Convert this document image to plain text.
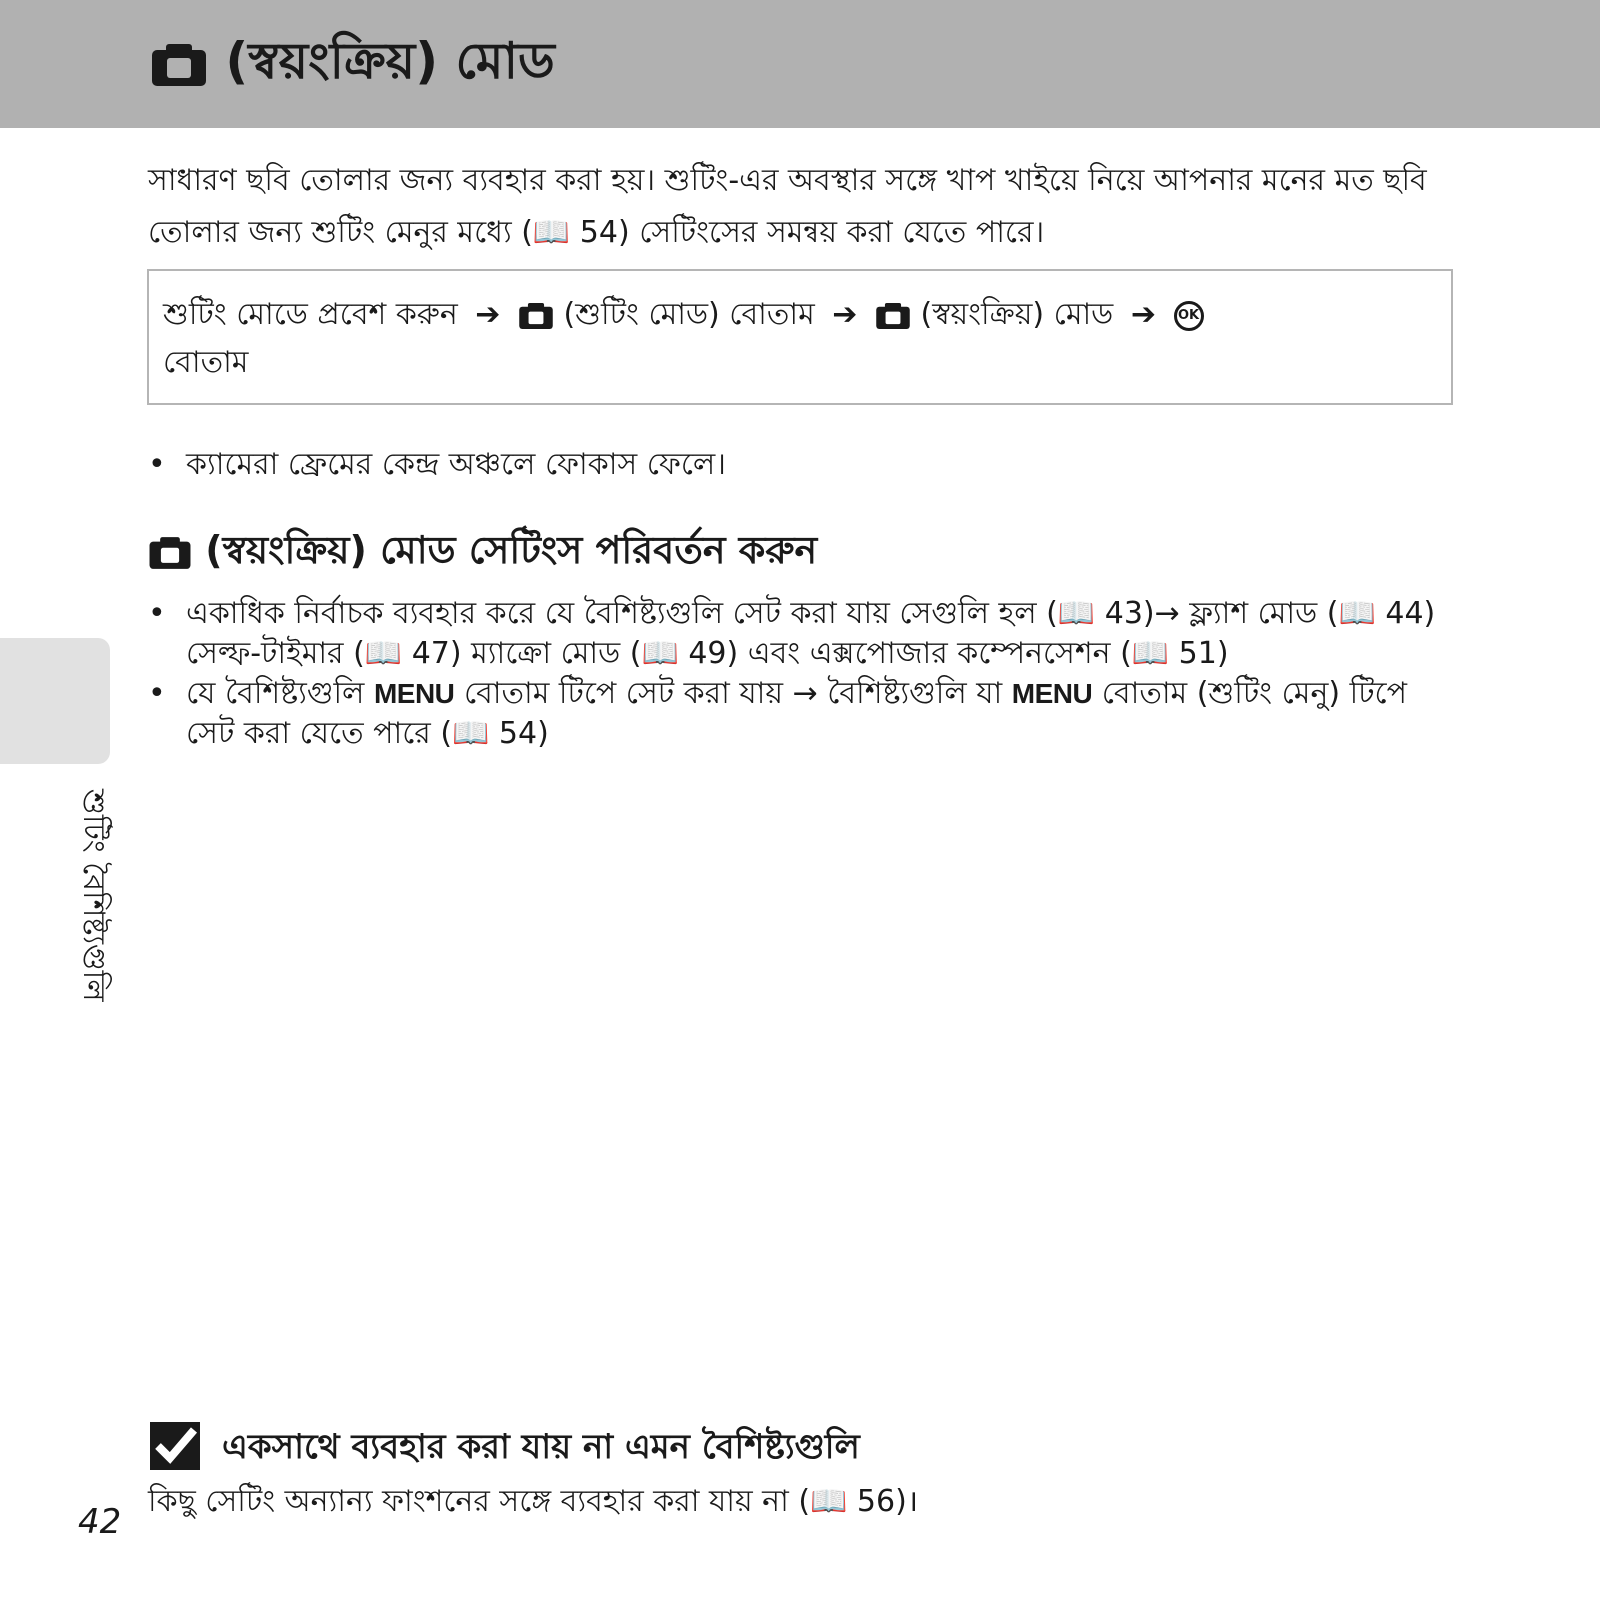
(স্বয়ংক্রিয়) মোড
সাধারণ ছবি তোলার জন্য ব্যবহার করা হয়। শুটিং-এর অবস্থার সঙ্গে খাপ খাইয়ে নিয়ে আপনার মনের মত ছবি তোলার জন্য শুটিং মেনুর মধ্যে (📖 54) সেটিংসের সমন্বয় করা যেতে পারে।
শুটিং মোডে প্রবেশ করুন ➔ (শুটিং মোড) বোতাম ➔ (স্বয়ংক্রিয়) মোড ➔ OK
বোতাম
• ক্যামেরা ফ্রেমের কেন্দ্র অঞ্চলে ফোকাস ফেলে।
(স্বয়ংক্রিয়) মোড সেটিংস পরিবর্তন করুন
• একাধিক নির্বাচক ব্যবহার করে যে বৈশিষ্ট্যগুলি সেট করা যায় সেগুলি হল (📖 43)→ ফ্ল্যাশ মোড (📖 44) সেল্ফ-টাইমার (📖 47) ম্যাক্রো মোড (📖 49) এবং এক্সপোজার কম্পেনসেশন (📖 51)
• যে বৈশিষ্ট্যগুলি MENU বোতাম টিপে সেট করা যায় → বৈশিষ্ট্যগুলি যা MENU বোতাম (শুটিং মেনু) টিপে সেট করা যেতে পারে (📖 54)
শুটিং বৈশিষ্ট্যগুলি
একসাথে ব্যবহার করা যায় না এমন বৈশিষ্ট্যগুলি
কিছু সেটিং অন্যান্য ফাংশনের সঙ্গে ব্যবহার করা যায় না (📖 56)।
42
